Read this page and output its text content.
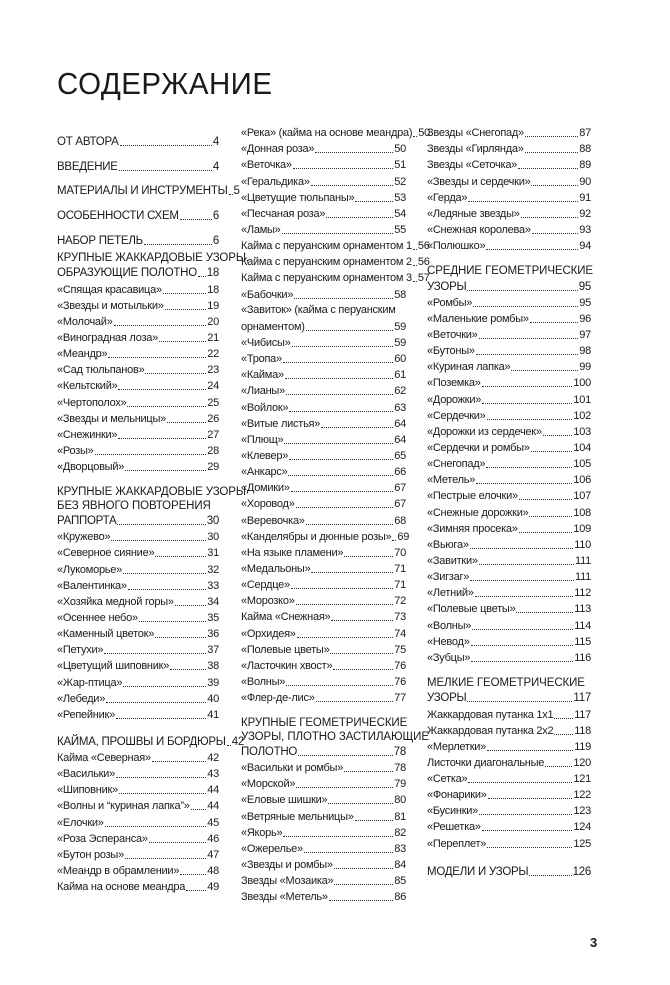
СОДЕРЖАНИЕ
ОТ АВТОРА	4
ВВЕДЕНИЕ	4
МАТЕРИАЛЫ И ИНСТРУМЕНТЫ 5
ОСОБЕННОСТИ СХЕМ	6
НАБОР ПЕТЕЛЬ	6
КРУПНЫЕ ЖАККАРДОВЫЕ УЗОРЫ,
ОБРАЗУЮЩИЕ ПОЛОТНО 18
«Спящая красавица»	18
«Звезды и мотыльки»	19
«Молочай»	20
«Виноградная лоза»	21
«Меандр»	22
«Сад тюльпанов»	23
«Кельтский»	24
«Чертополох»	25
«Звезды и мельницы»	26
«Снежинки»	27
«Розы»	28
«Дворцовый»	29
КРУПНЫЕ ЖАККАРДОВЫЕ УЗОРЫ
БЕЗ ЯВНОГО ПОВТОРЕНИЯ
РАППОРТА	30
«Кружево»	30
«Северное сияние»	31
«Лукоморье»	32
«Валентинка»	33
«Хозяйка медной горы»	34
«Осеннее небо»	35
«Каменный цветок»	36
«Петухи»	37
«Цветущий шиповник»	38
«Жар-птица»	39
«Лебеди»	40
«Репейник»	41
КАЙМА, ПРОШВЫ И БОРДЮРЫ 42
Кайма «Северная»	42
«Васильки»	43
«Шиповник»	44
«Волны и “куриная лапка”» 44
«Елочки»	45
«Роза Эсперанса»	46
«Бутон розы»	47
«Меандр в обрамлении»	48
Кайма на основе меандра 49
«Река» (кайма на основе меандра) 50
«Донная роза»	50
«Веточка»	51
«Геральдика»	52
«Цветущие тюльпаны»	53
«Песчаная роза»	54
«Ламы»	55
Кайма с перуанским орнаментом 1 56
Кайма с перуанским орнаментом 2 56
Кайма с перуанским орнаментом 3 57
«Бабочки»	58
«Завиток» (кайма с перуанским
орнаментом)	59
«Чибисы»	59
«Тропа»	60
«Кайма»	61
«Лианы»	62
«Войлок»	63
«Витые листья»	64
«Плющ»	64
«Клевер»	65
«Анкарс»	66
«Домики»	67
«Хоровод»	67
«Веревочка»	68
«Канделябры и дюнные розы» 69
«На языке пламени»	70
«Медальоны»	71
«Сердце»	71
«Морозко»	72
Кайма «Снежная»	73
«Орхидея»	74
«Полевые цветы»	75
«Ласточкин хвост»	76
«Волны»	76
«Флер-де-лис»	77
КРУПНЫЕ ГЕОМЕТРИЧЕСКИЕ
УЗОРЫ, ПЛОТНО ЗАСТИЛАЮЩИЕ
ПОЛОТНО	78
«Васильки и ромбы»	78
«Морской»	79
«Еловые шишки»	80
«Ветряные мельницы»	81
«Якорь»	82
«Ожерелье»	83
«Звезды и ромбы»	84
Звезды «Мозаика»	85
Звезды «Метель»	86
Звезды «Снегопад»	87
Звезды «Гирлянда»	88
Звезды «Сеточка»	89
«Звезды и сердечки»	90
«Герда»	91
«Ледяные звезды»	92
«Снежная королева»	93
«Полюшко»	94
СРЕДНИЕ ГЕОМЕТРИЧЕСКИЕ
УЗОРЫ	95
«Ромбы»	95
«Маленькие ромбы»	96
«Веточки»	97
«Бутоны»	98
«Куриная лапка»	99
«Поземка»	100
«Дорожки»	101
«Сердечки»	102
«Дорожки из сердечек»	103
«Сердечки и ромбы»	104
«Снегопад»	105
«Метель»	106
«Пестрые елочки»	107
«Снежные дорожки»	108
«Зимняя просека»	109
«Вьюга»	110
«Завитки»	111
«Зигзаг»	111
«Летний»	112
«Полевые цветы»	113
«Волны»	114
«Невод»	115
«Зубцы»	116
МЕЛКИЕ ГЕОМЕТРИЧЕСКИЕ
УЗОРЫ	117
Жаккардовая путанка 1х1 117
Жаккардовая путанка 2х2 118
«Мерлетки»	119
Листочки диагональные	120
«Сетка»	121
«Фонарики»	122
«Бусинки»	123
«Решетка»	124
«Переплет»	125
МОДЕЛИ И УЗОРЫ	126
3
